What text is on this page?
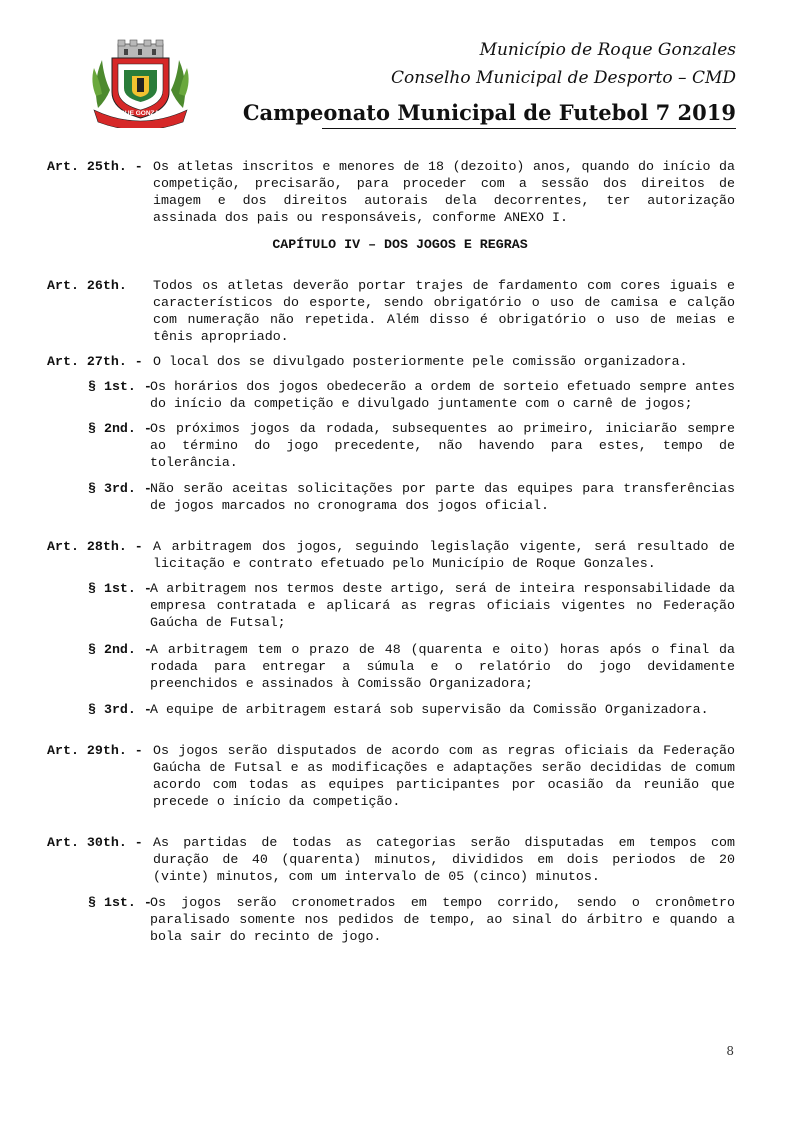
ROQUE GONZALES
Município de Roque Gonzales
Conselho Municipal de Desporto – CMD
Campeonato Municipal de Futebol 7 2019
Art. 25th. - Os atletas inscritos e menores de 18 (dezoito) anos, quando do início da competição, precisarão, para proceder com a sessão dos direitos de imagem e dos direitos autorais dela decorrentes, ter autorização assinada dos pais ou responsáveis, conforme ANEXO I.
CAPÍTULO IV – DOS JOGOS E REGRAS
Art. 26th. Todos os atletas deverão portar trajes de fardamento com cores iguais e característicos do esporte, sendo obrigatório o uso de camisa e calção com numeração não repetida. Além disso é obrigatório o uso de meias e tênis apropriado.
Art. 27th. - O local dos se divulgado posteriormente pele comissão organizadora.
§ 1st. -
Os horários dos jogos obedecerão a ordem de sorteio efetuado sempre antes do início da competição e divulgado juntamente com o carnê de jogos;
§ 2nd. -
Os próximos jogos da rodada, subsequentes ao primeiro, iniciarão sempre ao término do jogo precedente, não havendo para estes, tempo de tolerância.
§ 3rd. -
Não serão aceitas solicitações por parte das equipes para transferências de jogos marcados no cronograma dos jogos oficial.
Art. 28th. - A arbitragem dos jogos, seguindo legislação vigente, será resultado de licitação e contrato efetuado pelo Município de Roque Gonzales.
§ 1st. -
A arbitragem nos termos deste artigo, será de inteira responsabilidade da empresa contratada e aplicará as regras oficiais vigentes no Federação Gaúcha de Futsal;
§ 2nd. -
A arbitragem tem o prazo de 48 (quarenta e oito) horas após o final da rodada para entregar a súmula e o relatório do jogo devidamente preenchidos e assinados à Comissão Organizadora;
§ 3rd. -
A equipe de arbitragem estará sob supervisão da Comissão Organizadora.
Art. 29th. - Os jogos serão disputados de acordo com as regras oficiais da Federação Gaúcha de Futsal e as modificações e adaptações serão decididas de comum acordo com todas as equipes participantes por ocasião da reunião que precede o início da competição.
Art. 30th. - As partidas de todas as categorias serão disputadas em tempos com duração de 40 (quarenta) minutos, divididos em dois periodos de 20 (vinte) minutos, com um intervalo de 05 (cinco) minutos.
§ 1st. -
Os jogos serão cronometrados em tempo corrido, sendo o cronômetro paralisado somente nos pedidos de tempo, ao sinal do árbitro e quando a bola sair do recinto de jogo.
8
